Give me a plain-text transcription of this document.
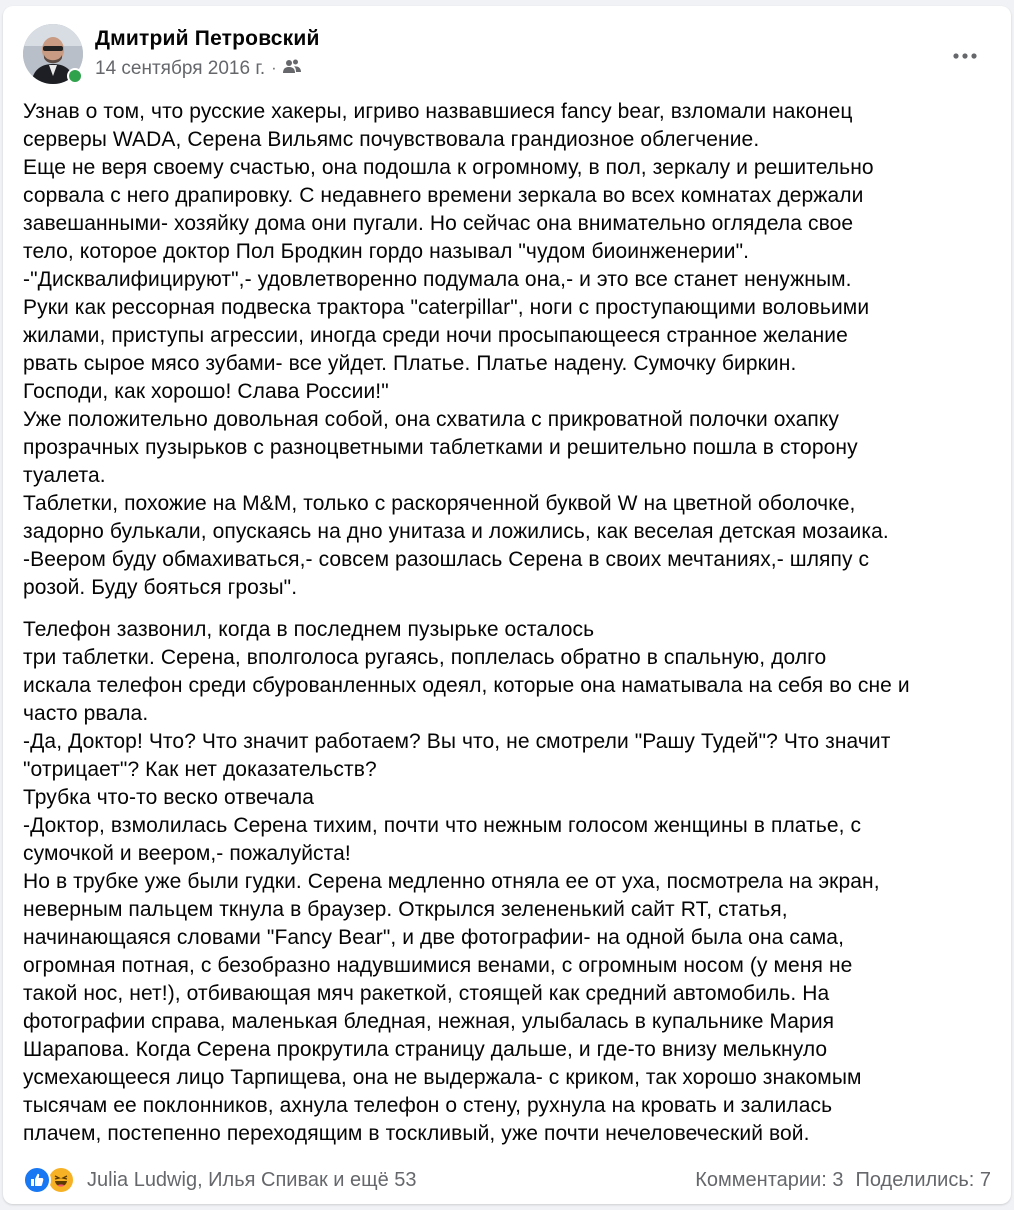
Дмитрий Петровский
14 сентября 2016 г. ·

Узнав о том, что русские хакеры, игриво назвавшиеся fancy bear, взломали наконец
серверы WADA, Серена Вильямс почувствовала грандиозное облегчение.
Еще не веря своему счастью, она подошла к огромному, в пол, зеркалу и решительно
сорвала с него драпировку. С недавнего времени зеркала во всех комнатах держали
завешанными- хозяйку дома они пугали. Но сейчас она внимательно оглядела свое
тело, которое доктор Пол Бродкин гордо называл "чудом биоинженерии".
-"Дисквалифицируют",- удовлетворенно подумала она,- и это все станет ненужным.
Руки как рессорная подвеска трактора "caterpillar", ноги с проступающими воловьими
жилами, приступы агрессии, иногда среди ночи просыпающееся странное желание
рвать сырое мясо зубами- все уйдет. Платье. Платье надену. Сумочку биркин.
Господи, как хорошо! Слава России!"
Уже положительно довольная собой, она схватила с прикроватной полочки охапку
прозрачных пузырьков с разноцветными таблетками и решительно пошла в сторону
туалета.
Таблетки, похожие на M&M, только с раскоряченной буквой W на цветной оболочке,
задорно булькали, опускаясь на дно унитаза и ложились, как веселая детская мозаика.
-Веером буду обмахиваться,- совсем разошлась Серена в своих мечтаниях,- шляпу с
розой. Буду бояться грозы".

Телефон зазвонил, когда в последнем пузырьке осталось
три таблетки. Серена, вполголоса ругаясь, поплелась обратно в спальную, долго
искала телефон среди сбурованленных одеял, которые она наматывала на себя во сне и
часто рвала.
-Да, Доктор! Что? Что значит работаем? Вы что, не смотрели "Рашу Тудей"? Что значит
"отрицает"? Как нет доказательств?
Трубка что-то веско отвечала
-Доктор, взмолилась Серена тихим, почти что нежным голосом женщины в платье, с
сумочкой и веером,- пожалуйста!
Но в трубке уже были гудки. Серена медленно отняла ее от уха, посмотрела на экран,
неверным пальцем ткнула в браузер. Открылся зелененький сайт RT, статья,
начинающаяся словами "Fancy Bear", и две фотографии- на одной была она сама,
огромная потная, с безобразно надувшимися венами, с огромным носом (у меня не
такой нос, нет!), отбивающая мяч ракеткой, стоящей как средний автомобиль. На
фотографии справа, маленькая бледная, нежная, улыбалась в купальнике Мария
Шарапова. Когда Серена прокрутила страницу дальше, и где-то внизу мелькнуло
усмехающееся лицо Тарпищева, она не выдержала- с криком, так хорошо знакомым
тысячам ее поклонников, ахнула телефон о стену, рухнула на кровать и залилась
плачем, постепенно переходящим в тоскливый, уже почти нечеловеческий вой.

Julia Ludwig, Илья Спивак и ещё 53	Комментарии: 3 Поделились: 7
